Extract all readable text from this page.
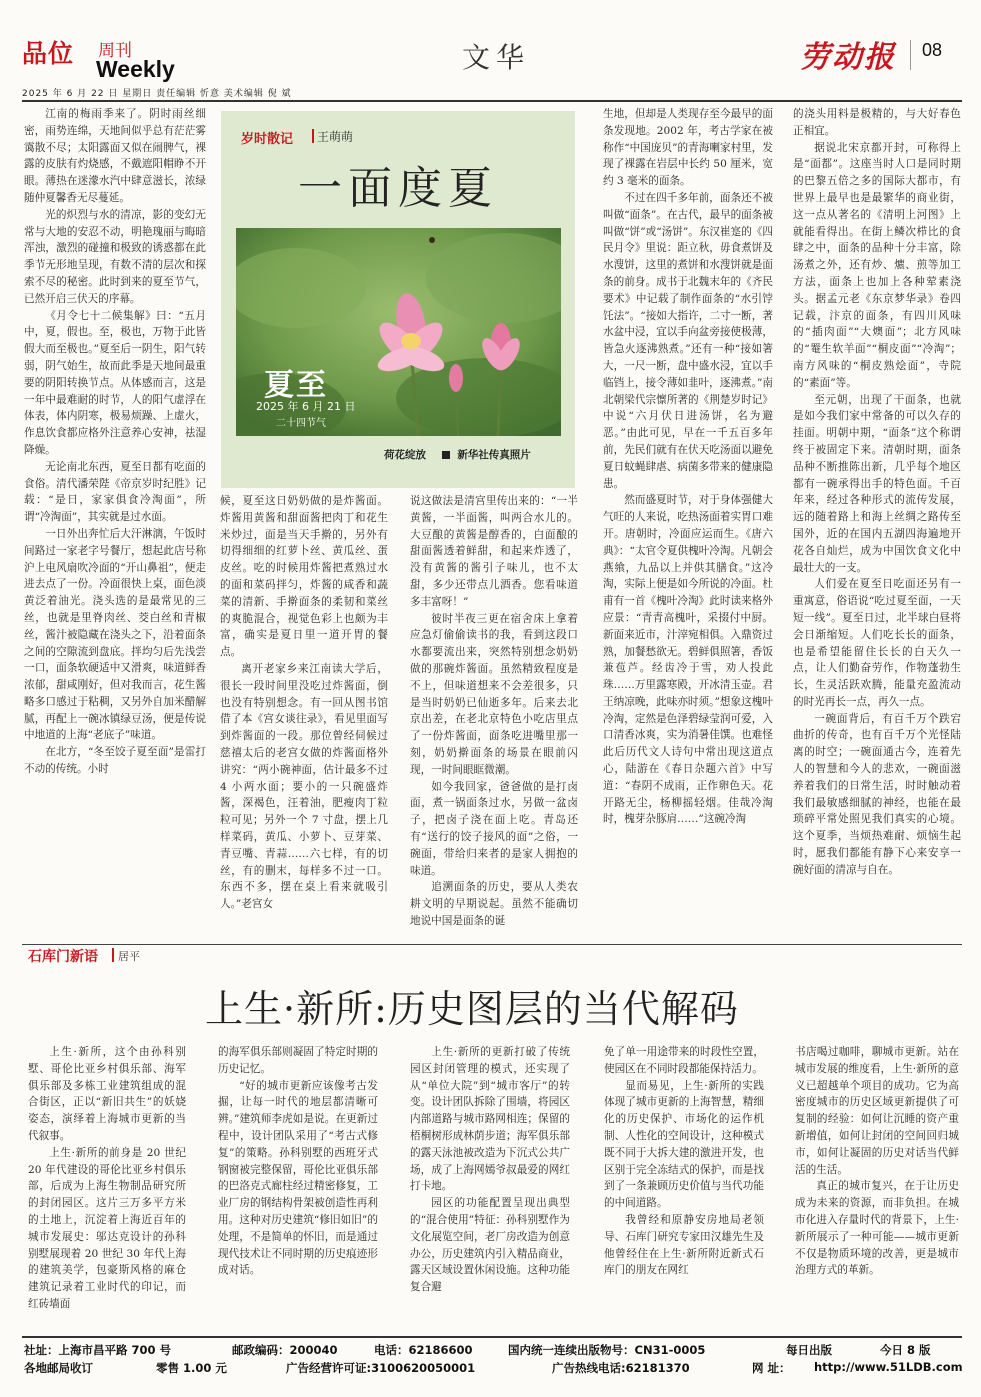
品位 周刊
Weekly	文华	劳动报 08
2025 年 6 月 22 日 星期日 责任编辑 忻意 美术编辑 倪 斌

江南的梅雨季来了。阴时雨丝细密，雨势连绵，天地间似乎总有茫茫雾霭散不尽；太阳露面又似在闹脾气，裸露的皮肤有灼烧感，不戴遮阳帽睁不开眼。薄热在迷濛水汽中肆意滋长，浓绿随仲夏馨香无尽蔓延。

光的炽烈与水的清凉，影的变幻无常与大地的安忍不动，明艳瑰丽与晦暗浑浊，激烈的碰撞和极致的诱惑都在此季节无形地呈现，有数不清的层次和探索不尽的秘密。此时到来的夏至节气，已然开启三伏天的序幕。

《月令七十二候集解》曰：“五月中，夏，假也。至，极也，万物于此皆假大而至极也。”夏至后一阴生，阳气转弱，阴气始生，故而此季是天地间最重要的阴阳转换节点。从体感而言，这是一年中最难耐的时节，人的阳气虚浮在体表，体内阴寒，极易烦躁、上虚火，作息饮食都应格外注意养心安神，祛湿降燥。

无论南北东西，夏至日都有吃面的食俗。清代潘荣陛《帝京岁时纪胜》记载：“是日，家家俱食冷淘面”，所谓“冷淘面”，其实就是过水面。

一日外出奔忙后大汗淋漓，午饭时间路过一家老字号餐厅，想起此店号称沪上电风扇吹冷面的“开山鼻祖”，便走进去点了一份。冷面很快上桌，面色淡黄泛着油光。浇头选的是最常见的三丝，也就是里脊肉丝、茭白丝和青椒丝，酱汁被隐藏在浇头之下，沿着面条之间的空隙流到盘底。拌均匀后先浅尝一口，面条软硬适中又滑爽，味道鲜香浓郁，甜咸刚好，但对我而言，花生酱略多口感过于粘稠，又另外自加米醋解腻，再配上一碗冰镇绿豆汤，便是传说中地道的上海“老底子”味道。

在北方，“冬至饺子夏至面”是雷打不动的传统。小时

岁时散记 王萌萌
一面度夏
夏至
2025 年 6 月 21 日
二十四节气
荷花绽放	新华社传真照片

候，夏至这日奶奶做的是炸酱面。炸酱用黄酱和甜面酱把肉丁和花生米炒过，面是当天手擀的，另外有切得细细的红萝卜丝、黄瓜丝、蛋皮丝。吃的时候用炸酱把煮熟过水的面和菜码拌匀，炸酱的咸香和蔬菜的清新、手擀面条的柔韧和菜丝的爽脆混合，视觉色彩上也颇为丰富，确实是夏日里一道开胃的餐点。

离开老家乡来江南读大学后，很长一段时间里没吃过炸酱面，倒也没有特别想念。有一回从图书馆借了本《宫女谈往录》，看见里面写到炸酱面的一段。那位曾经伺候过慈禧太后的老宫女做的炸酱面格外讲究：“两小碗神面，估计最多不过 4 小两水面；要小的一只碗盛炸酱，深褐色，汪着油，肥瘦肉丁粒粒可见；另外一个 7 寸盘，摆上几样菜码，黄瓜、小萝卜、豆芽菜、青豆嘴、青蒜……六七样，有的切丝，有的删末，每样多不过一口。东西不多，摆在桌上看来就吸引人。”老宫女

说这做法是清宫里传出来的：“一半黄酱，一半面酱，叫两合水儿的。大豆酿的黄酱是醇香的，白面酿的甜面酱透着鲜甜，和起来炸透了，没有黄酱的酱引子味儿，也不太甜，多少还带点儿酒香。您看味道多丰富呀！”

彼时半夜三更在宿舍床上拿着应急灯偷偷读书的我，看到这段口水都要流出来，突然特别想念奶奶做的那碗炸酱面。虽然精致程度是不上，但味道想来不会差很多，只是当时奶奶已仙逝多年。后来去北京出差，在老北京特色小吃店里点了一份炸酱面，面条吃进嘴里那一刻，奶奶擀面条的场景在眼前闪现，一时间眼眶微潮。

如今我回家，爸爸做的是打卤面，煮一锅面条过水，另做一盆卤子，把卤子浇在面上吃。青岛还有“送行的饺子接风的面”之俗，一碗面，带给归来者的是家人拥抱的味道。

追溯面条的历史，要从人类农耕文明的早期说起。虽然不能确切地说中国是面条的诞

生地，但却是人类现存至今最早的面条发现地。2002 年，考古学家在被称作“中国庞贝”的青海喇家村里，发现了裸露在岩层中长约 50 厘米，宽约 3 毫米的面条。

不过在四千多年前，面条还不被叫做“面条”。在古代，最早的面条被叫做“饼”或“汤饼”。东汉崔寔的《四民月令》里说：距立秋，毋食煮饼及水溲饼，这里的煮饼和水溲饼就是面条的前身。成书于北魏末年的《齐民要术》中记载了制作面条的“水引饽饦法”。“接如大指许，二寸一断，著水盆中浸，宜以手向盆旁接使极薄，皆急火逐沸熟煮。”还有一种“接如箸大，一尺一断，盘中盛水浸，宜以手临铛上，接令薄如韭叶，逐沸煮。”南北朝梁代宗懔所著的《荆楚岁时记》中说“六月伏日进汤饼，名为避恶。”由此可见，早在一千五百多年前，先民们就有在伏天吃汤面以避免夏日蚊蝇肆虐、病菌多带来的健康隐患。

然而盛夏时节，对于身体强健大气旺的人来说，吃热汤面着实胃口难开。唐朝时，冷面应运而生。《唐六典》：“太官令夏供槐叶冷淘。凡朝会燕飨，九品以上并供其膳食。”这冷淘，实际上便是如今所说的冷面。杜甫有一首《槐叶冷淘》此时读来格外应景：“青青高槐叶，采掇付中厨。新面来近市，汁滓宛相俱。入鼎资过熟，加餐愁欲无。碧鲜俱照箸，香饭兼苞芦。经齿冷于雪，劝人投此珠……万里露寒殿，开冰清玉壶。君王纳凉晚，此味亦时须。”想象这槐叶冷淘，定然是色泽碧绿莹润可爱，入口清香冰爽，实为消暑佳馔。也难怪此后历代文人诗句中常出现这道点心，陆游在《春日杂题六首》中写道：“春阴不成雨，正作卵色天。花开路无尘，杨柳摇轻烟。佳哉冷淘时，槐芽杂豚肩……”这碗冷淘

的浇头用料是极精的，与大好春色正相宜。

据说北宋京都开封，可称得上是“面都”。这座当时人口是同时期的巴黎五倍之多的国际大都市，有世界上最早也是最繁华的商业街，这一点从著名的《清明上河图》上就能看得出。在街上鳞次栉比的食肆之中，面条的品种十分丰富，除汤煮之外，还有炒、爊、煎等加工方法，面条上也加上各种荤素浇头。据孟元老《东京梦华录》卷四记载，汴京的面条，有四川风味的“插肉面”“大燠面”；北方风味的“罨生软羊面”“桐皮面”“冷淘”；南方风味的“桐皮熟烩面”，寺院的“素面”等。

至元朝，出现了干面条，也就是如今我们家中常备的可以久存的挂面。明朝中期，“面条”这个称谓终于被固定下来。清朝时期，面条品种不断推陈出新，几乎每个地区都有一碗承得出手的特色面。千百年来，经过各种形式的流传发展，远的随着路上和海上丝绸之路传至国外，近的在国内五湖四海遍地开花各自灿烂，成为中国饮食文化中最壮大的一支。

人们爱在夏至日吃面还另有一重寓意，俗语说“吃过夏至面，一天短一线”。夏至日过，北半球白昼将会日渐缩短。人们吃长长的面条，也是希望能留住长长的白天久一点，让人们勤奋劳作，作物蓬勃生长，生灵活跃欢腾，能量充盈流动的时光再长一点，再久一点。

一碗面背后，有百千万个跌宕曲折的传奇，也有百千万个光怪陆离的时空；一碗面通古今，连着先人的智慧和今人的悲欢，一碗面滋养着我们的日常生活，时时触动着我们最敏感细腻的神经，也能在最琐碎平常处照见我们真实的心境。这个夏季，当烦热难耐、烦恼生起时，愿我们都能有静下心来安享一碗好面的清凉与自在。

石库门新语 居平
上生·新所:历史图层的当代解码

上生·新所，这个由孙科别墅、哥伦比亚乡村俱乐部、海军俱乐部及多栋工业建筑组成的混合街区，正以“新旧共生”的妖娆姿态，演绎着上海城市更新的当代叙事。

上生·新所的前身是 20 世纪 20 年代建设的哥伦比亚乡村俱乐部，后成为上海生物制品研究所的封闭园区。这片三万多平方米的土地上，沉淀着上海近百年的城市发展史：邬达克设计的孙科别墅展现着 20 世纪 30 年代上海的建筑美学，包豪斯风格的麻仓建筑记录着工业时代的印记，而红砖墙面

的海军俱乐部则凝固了特定时期的历史记忆。

“好的城市更新应该像考古发掘，让每一时代的地层都清晰可辨。”建筑师李虎如是说。在更新过程中，设计团队采用了“考古式修复”的策略。孙科别墅的西班牙式钢窗被完整保留，哥伦比亚俱乐部的巴洛克式廊柱经过精密修复，工业厂房的钢结构骨架被创造性再利用。这种对历史建筑“修旧如旧”的处理，不是简单的怀旧，而是通过现代技术让不同时期的历史痕迹形成对话。

上生·新所的更新打破了传统园区封闭管理的模式，还实现了从“单位大院”到“城市客厅”的转变。设计团队拆除了围墙，将园区内部道路与城市路网相连；保留的梧桐树形成林荫步道；海军俱乐部的露天泳池被改造为下沉式公共广场，成了上海网嫣爷叔最爱的网红打卡地。

园区的功能配置呈现出典型的“混合使用”特征：孙科别墅作为文化展览空间，老厂房改造为创意办公，历史建筑内引入精品商业，露天区域设置休闲设施。这种功能复合避

免了单一用途带来的时段性空置，使园区在不同时段都能保持活力。

显而易见，上生·新所的实践体现了城市更新的上海智慧，精细化的历史保护、市场化的运作机制、人性化的空间设计，这种模式既不同于大拆大建的激进开发，也区别于完全冻结式的保护，而是找到了一条兼顾历史价值与当代功能的中间道路。

我曾经和原静安房地局老领导、石库门研究专家田汉雄先生及他曾经住在上生·新所附近新式石库门的朋友在网红

书店喝过咖啡，聊城市更新。站在城市发展的维度看，上生·新所的意义已超越单个项目的成功。它为高密度城市的历史区域更新提供了可复制的经验：如何让沉睡的资产重新增值，如何让封闭的空间回归城市，如何让凝固的历史对话当代鲜活的生活。

真正的城市复兴，在于让历史成为未来的资源，而非负担。在城市化进入存量时代的背景下，上生·新所展示了一种可能——城市更新不仅是物质环境的改善，更是城市治理方式的革新。

社址：上海市昌平路 700 号	邮政编码：200040	电话：62186600	国内统一连续出版物号：CN31-0005	每日出版	今日 8 版
各地邮局收订	零售 1.00 元	广告经营许可证:3100620050001	广告热线电话:62181370	网 址： http://www.51LDB.com
